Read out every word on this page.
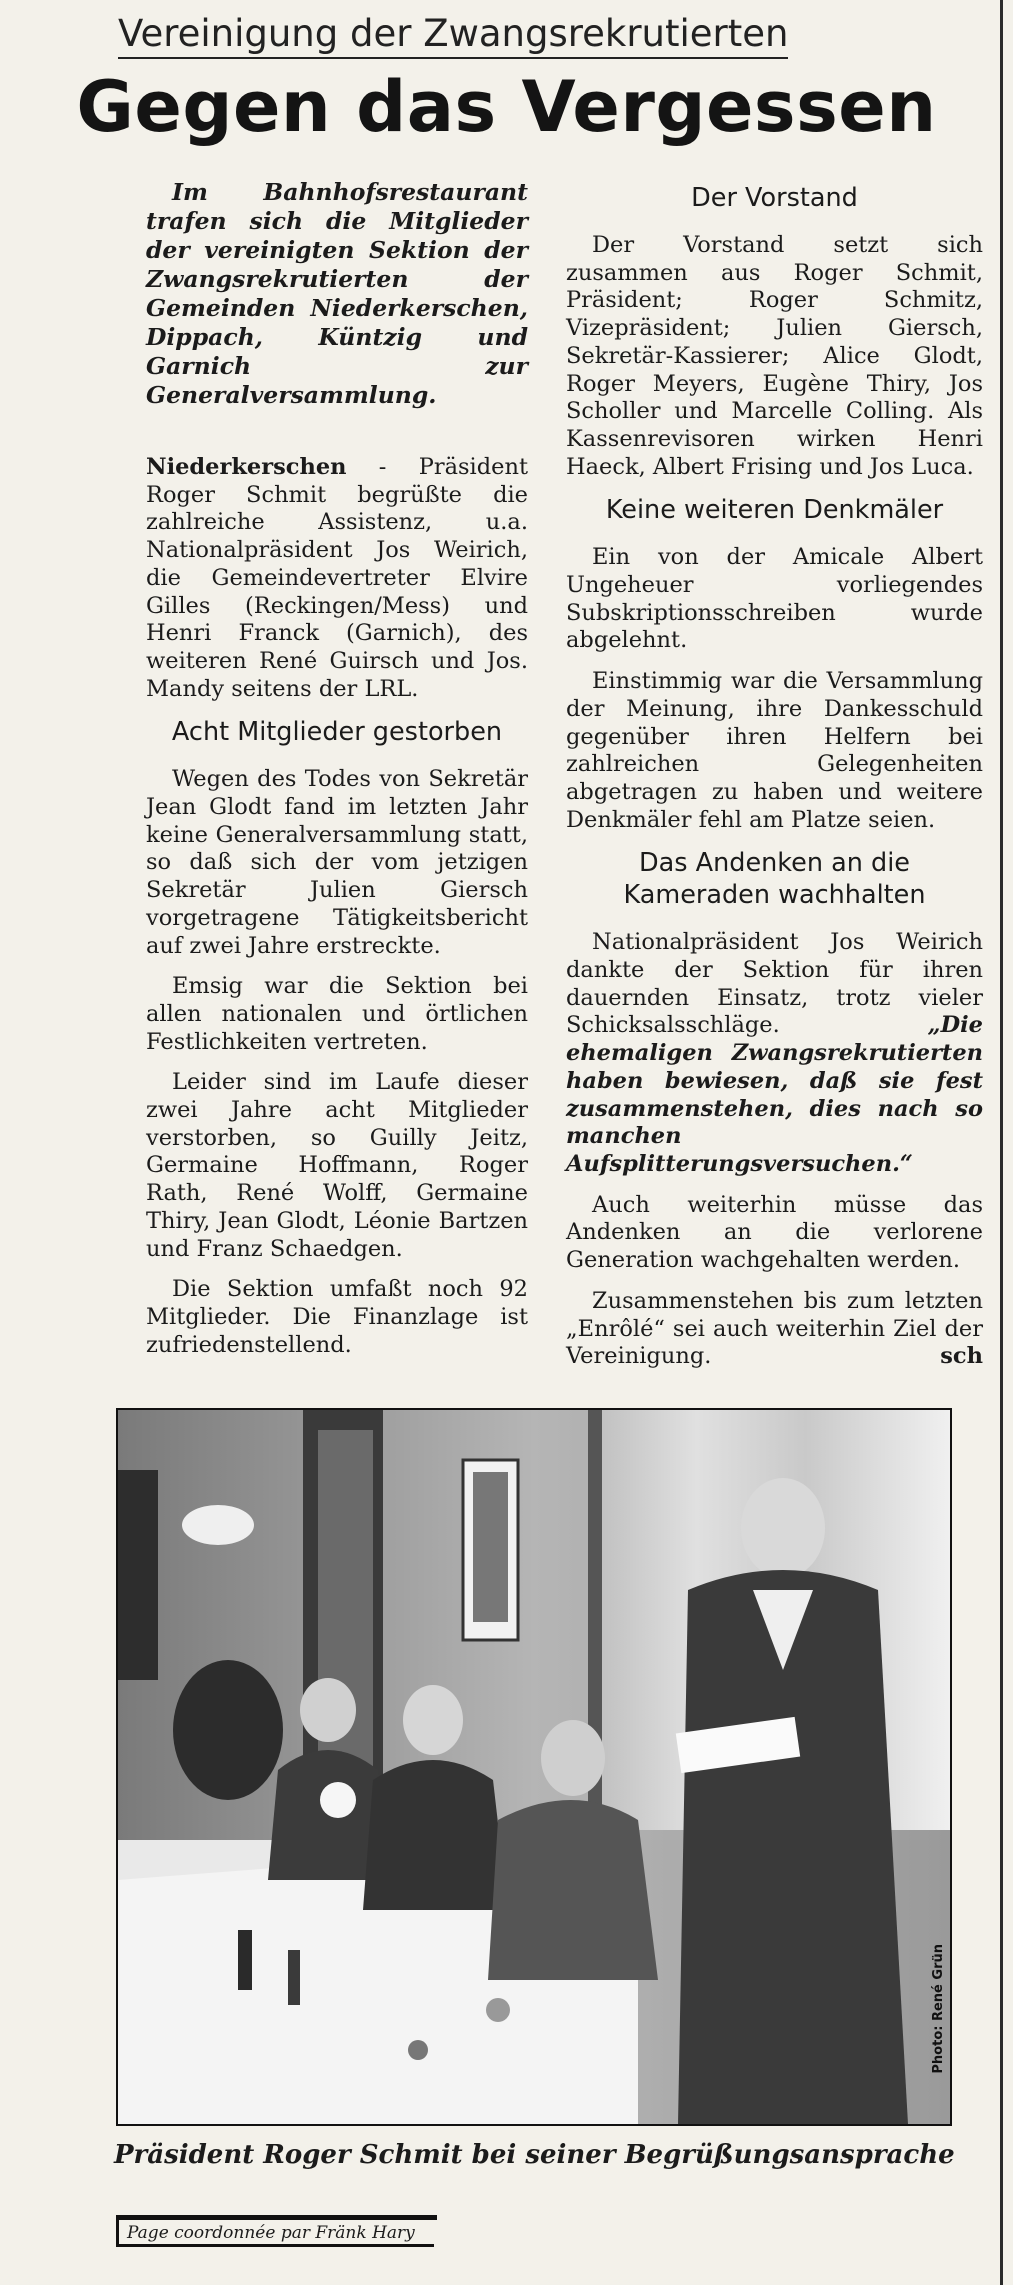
Vereinigung der Zwangsrekrutierten
Gegen das Vergessen

Im Bahnhofsrestaurant trafen sich die Mitglieder der vereinigten Sektion der Zwangsrekrutierten der Gemeinden Niederkerschen, Dippach, Küntzig und Garnich zur Generalversammlung.

Niederkerschen - Präsident Roger Schmit begrüßte die zahlreiche Assistenz, u.a. Nationalpräsident Jos Weirich, die Gemeindevertreter Elvire Gilles (Reckingen/Mess) und Henri Franck (Garnich), des weiteren René Guirsch und Jos. Mandy seitens der LRL.

Acht Mitglieder gestorben

Wegen des Todes von Sekretär Jean Glodt fand im letzten Jahr keine Generalversammlung statt, so daß sich der vom jetzigen Sekretär Julien Giersch vorgetragene Tätigkeitsbericht auf zwei Jahre erstreckte.

Emsig war die Sektion bei allen nationalen und örtlichen Festlichkeiten vertreten.

Leider sind im Laufe dieser zwei Jahre acht Mitglieder verstorben, so Guilly Jeitz, Germaine Hoffmann, Roger Rath, René Wolff, Germaine Thiry, Jean Glodt, Léonie Bartzen und Franz Schaedgen.

Die Sektion umfaßt noch 92 Mitglieder. Die Finanzlage ist zufriedenstellend.

Der Vorstand

Der Vorstand setzt sich zusammen aus Roger Schmit, Präsident; Roger Schmitz, Vizepräsident; Julien Giersch, Sekretär-Kassierer; Alice Glodt, Roger Meyers, Eugène Thiry, Jos Scholler und Marcelle Colling. Als Kassenrevisoren wirken Henri Haeck, Albert Frising und Jos Luca.

Keine weiteren Denkmäler

Ein von der Amicale Albert Ungeheuer vorliegendes Subskriptionsschreiben wurde abgelehnt.

Einstimmig war die Versammlung der Meinung, ihre Dankesschuld gegenüber ihren Helfern bei zahlreichen Gelegenheiten abgetragen zu haben und weitere Denkmäler fehl am Platze seien.

Das Andenken an die Kameraden wachhalten

Nationalpräsident Jos Weirich dankte der Sektion für ihren dauernden Einsatz, trotz vieler Schicksalsschläge. „Die ehemaligen Zwangsrekrutierten haben bewiesen, daß sie fest zusammenstehen, dies nach so manchen Aufsplitterungsversuchen.“

Auch weiterhin müsse das Andenken an die verlorene Generation wachgehalten werden.

Zusammenstehen bis zum letzten „Enrôlé“ sei auch weiterhin Ziel der Vereinigung.	sch

Photo: René Grün
Präsident Roger Schmit bei seiner Begrüßungsansprache
Page coordonnée par Fränk Hary
